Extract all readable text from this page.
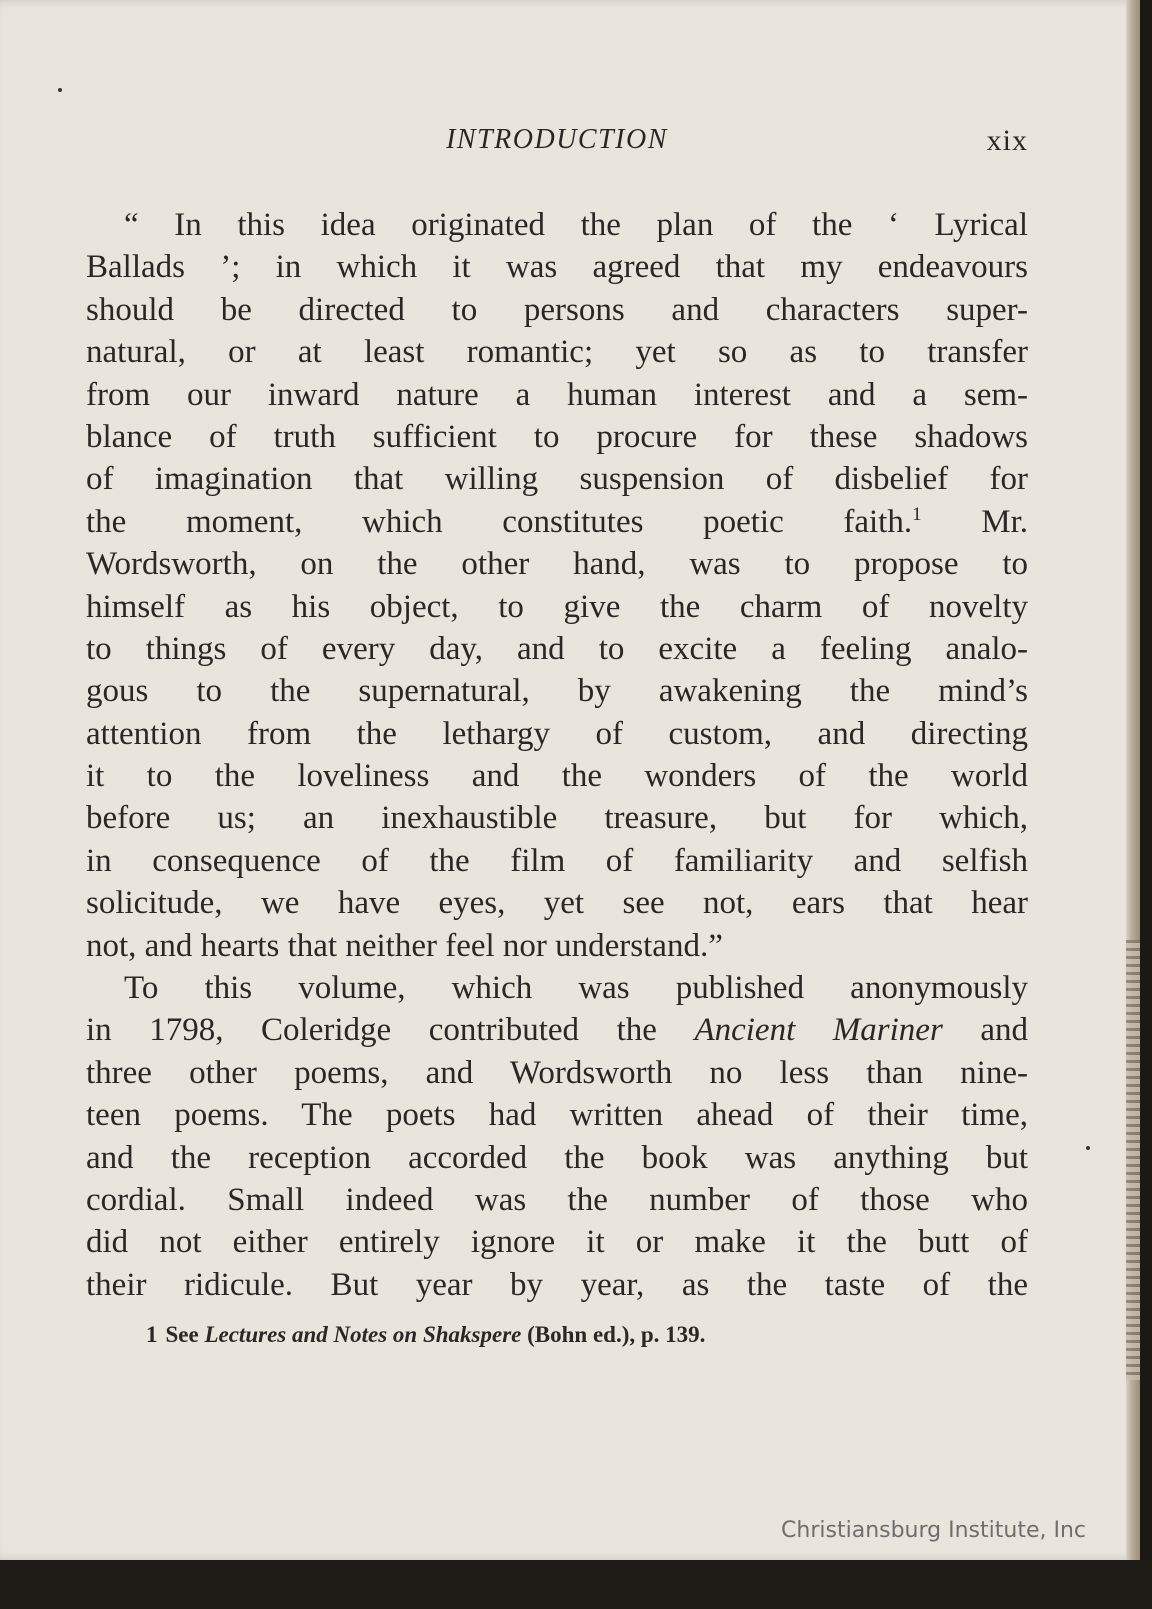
INTRODUCTION	xix
“ In this idea originated the plan of the ‘ Lyrical
Ballads ’; in which it was agreed that my endeavours
should be directed to persons and characters super-
natural, or at least romantic; yet so as to transfer
from our inward nature a human interest and a sem-
blance of truth sufficient to procure for these shadows
of imagination that willing suspension of disbelief for
the moment, which constitutes poetic faith.$^1$ Mr.
Wordsworth, on the other hand, was to propose to
himself as his object, to give the charm of novelty
to things of every day, and to excite a feeling analo-
gous to the supernatural, by awakening the mind’s
attention from the lethargy of custom, and directing
it to the loveliness and the wonders of the world
before us; an inexhaustible treasure, but for which,
in consequence of the film of familiarity and selfish
solicitude, we have eyes, yet see not, ears that hear
not, and hearts that neither feel nor understand.”
To this volume, which was published anonymously
in 1798, Coleridge contributed the Ancient Mariner and
three other poems, and Wordsworth no less than nine-
teen poems. The poets had written ahead of their time,
and the reception accorded the book was anything but
cordial. Small indeed was the number of those who
did not either entirely ignore it or make it the butt of
their ridicule. But year by year, as the taste of the
1 See Lectures and Notes on Shakspere (Bohn ed.), p. 139.
Christiansburg Institute, Inc
